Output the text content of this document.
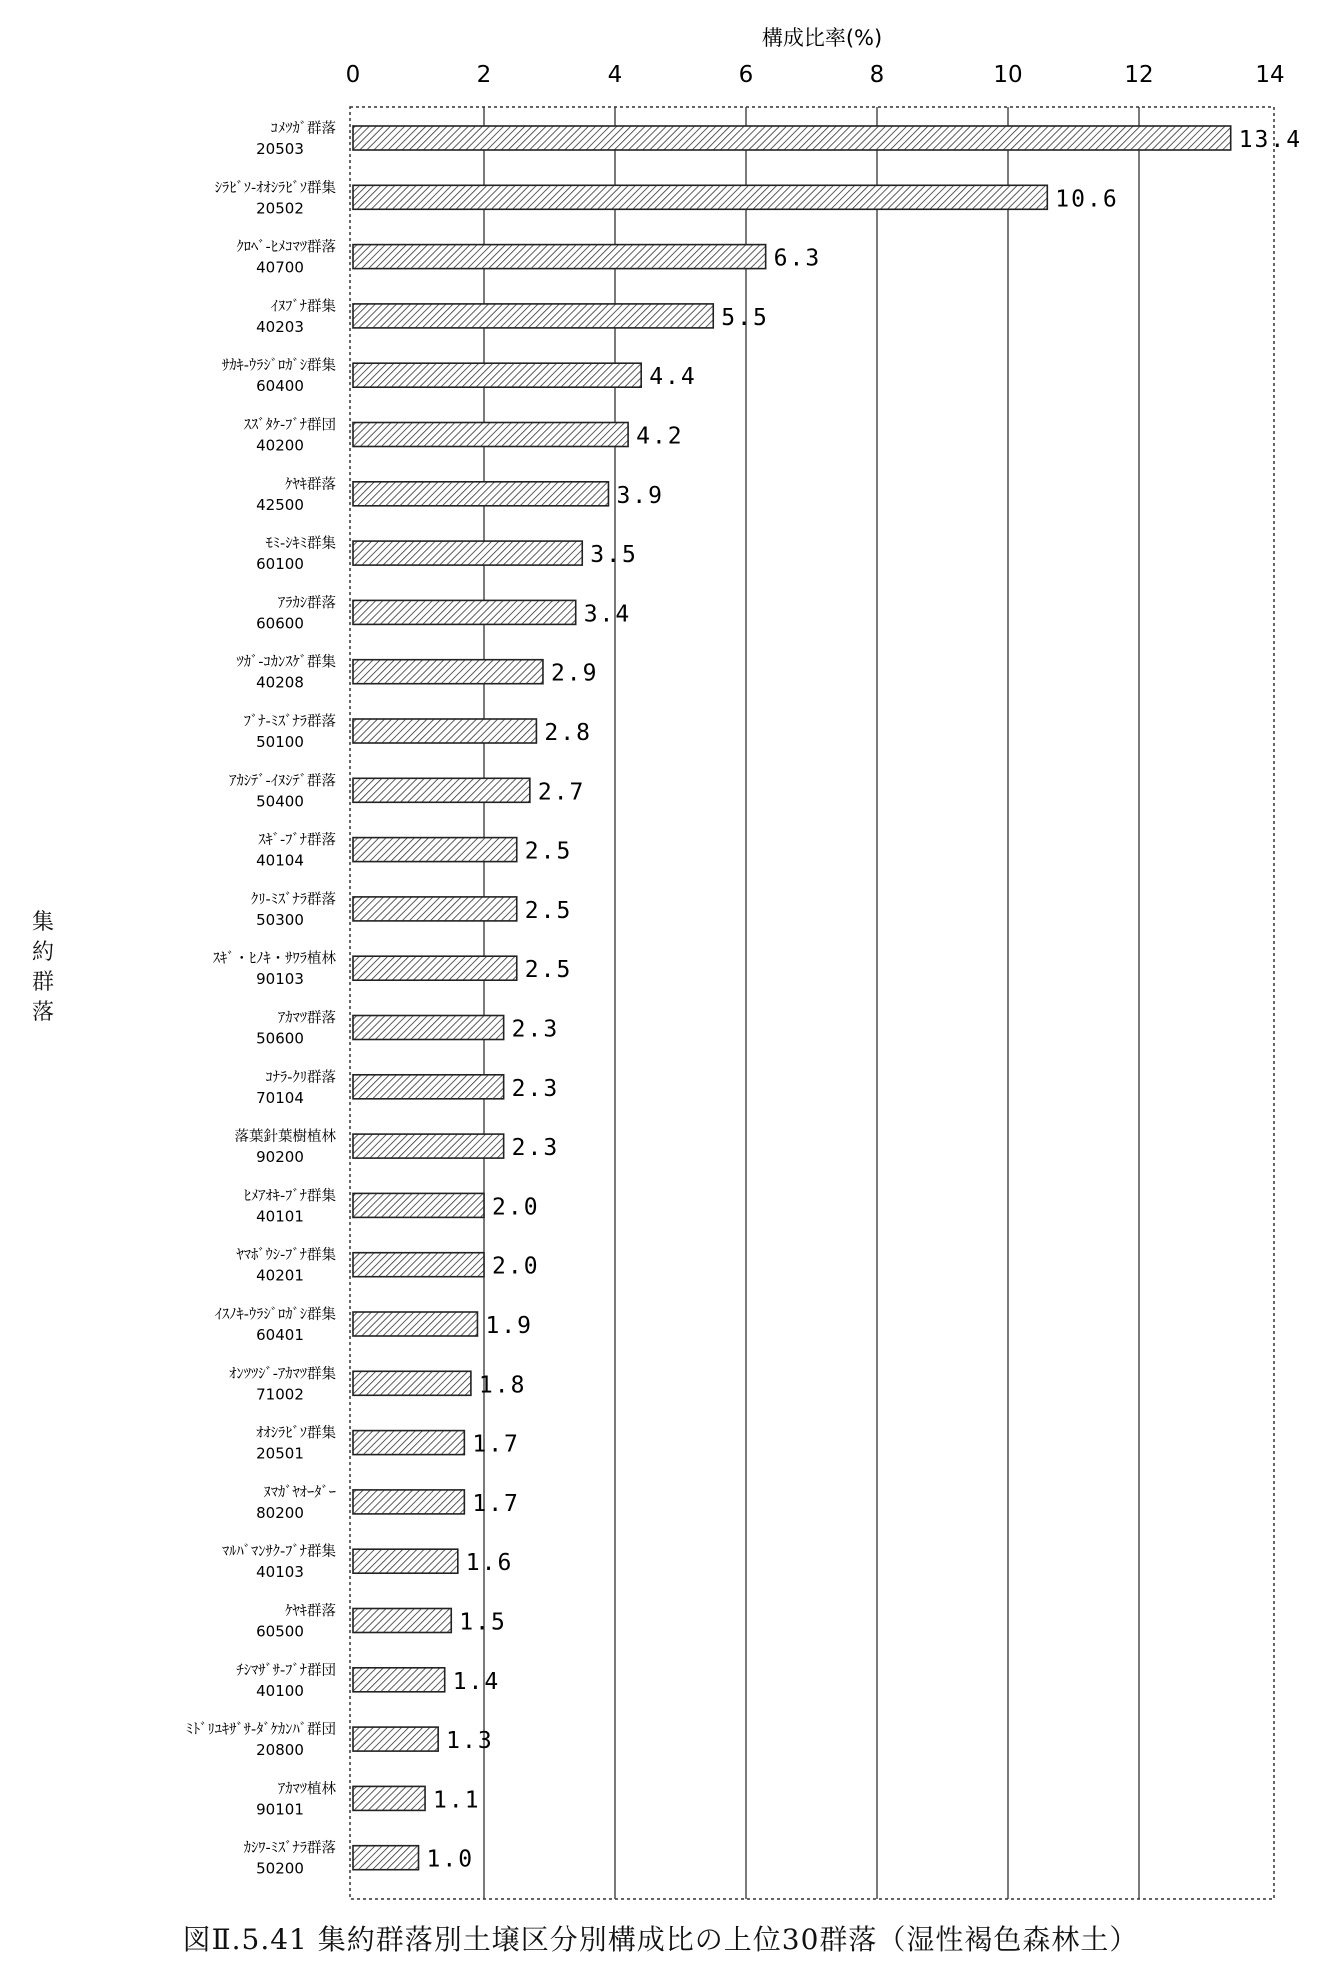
構成比率(%)
0	2	4	6	8	10	12	14
ｺﾒﾂｶﾞ群落
20503
ｼﾗﾋﾞｿ-ｵｵｼﾗﾋﾞｿ群集
20502
ｸﾛﾍﾞ-ﾋﾒｺﾏﾂ群落
40700
ｲﾇﾌﾞﾅ群集
40203
ｻｶｷ-ｳﾗｼﾞﾛｶﾞｼ群集
60400
ｽｽﾞﾀｹ-ﾌﾞﾅ群団
40200
ｹﾔｷ群落
42500
ﾓﾐ-ｼｷﾐ群集
60100
ｱﾗｶｼ群落
60600
ﾂｶﾞ-ｺｶﾝｽｹﾞ群集
40208
ﾌﾞﾅ-ﾐｽﾞﾅﾗ群落
50100
ｱｶｼﾃﾞ-ｲﾇｼﾃﾞ群落
50400
ｽｷﾞ-ﾌﾞﾅ群落
40104
ｸﾘ-ﾐｽﾞﾅﾗ群落
50300
ｽｷﾞ・ﾋﾉｷ・ｻﾜﾗ植林
90103
ｱｶﾏﾂ群落
50600
ｺﾅﾗ-ｸﾘ群落
70104
落葉針葉樹植林
90200
ﾋﾒｱｵｷ-ﾌﾞﾅ群集
40101
ﾔﾏﾎﾞｳｼ-ﾌﾞﾅ群集
40201
ｲｽﾉｷ-ｳﾗｼﾞﾛｶﾞｼ群集
60401
ｵﾝﾂﾂｼﾞ-ｱｶﾏﾂ群集
71002
ｵｵｼﾗﾋﾞｿ群集
20501
ﾇﾏｶﾞﾔｵｰﾀﾞｰ
80200
ﾏﾙﾊﾞﾏﾝｻｸ-ﾌﾞﾅ群集
40103
ｹﾔｷ群落
60500
ﾁｼﾏｻﾞｻ-ﾌﾞﾅ群団
40100
ﾐﾄﾞﾘﾕｷｻﾞｻ-ﾀﾞｹｶﾝﾊﾞ群団
20800
ｱｶﾏﾂ植林
90101
ｶｼﾜ-ﾐｽﾞﾅﾗ群落
50200
13.4
10.6
6.3
5.5
4.4
4.2
3.9
3.5
3.4
2.9
2.8
2.7
2.5
2.5
2.5
2.3
2.3
2.3
2.0
2.0
1.9
1.8
1.7
1.7
1.6
1.5
1.4
1.3
1.1
1.0
集約群落
図Ⅱ.5.41 集約群落別土壌区分別構成比の上位30群落（湿性褐色森林土）
